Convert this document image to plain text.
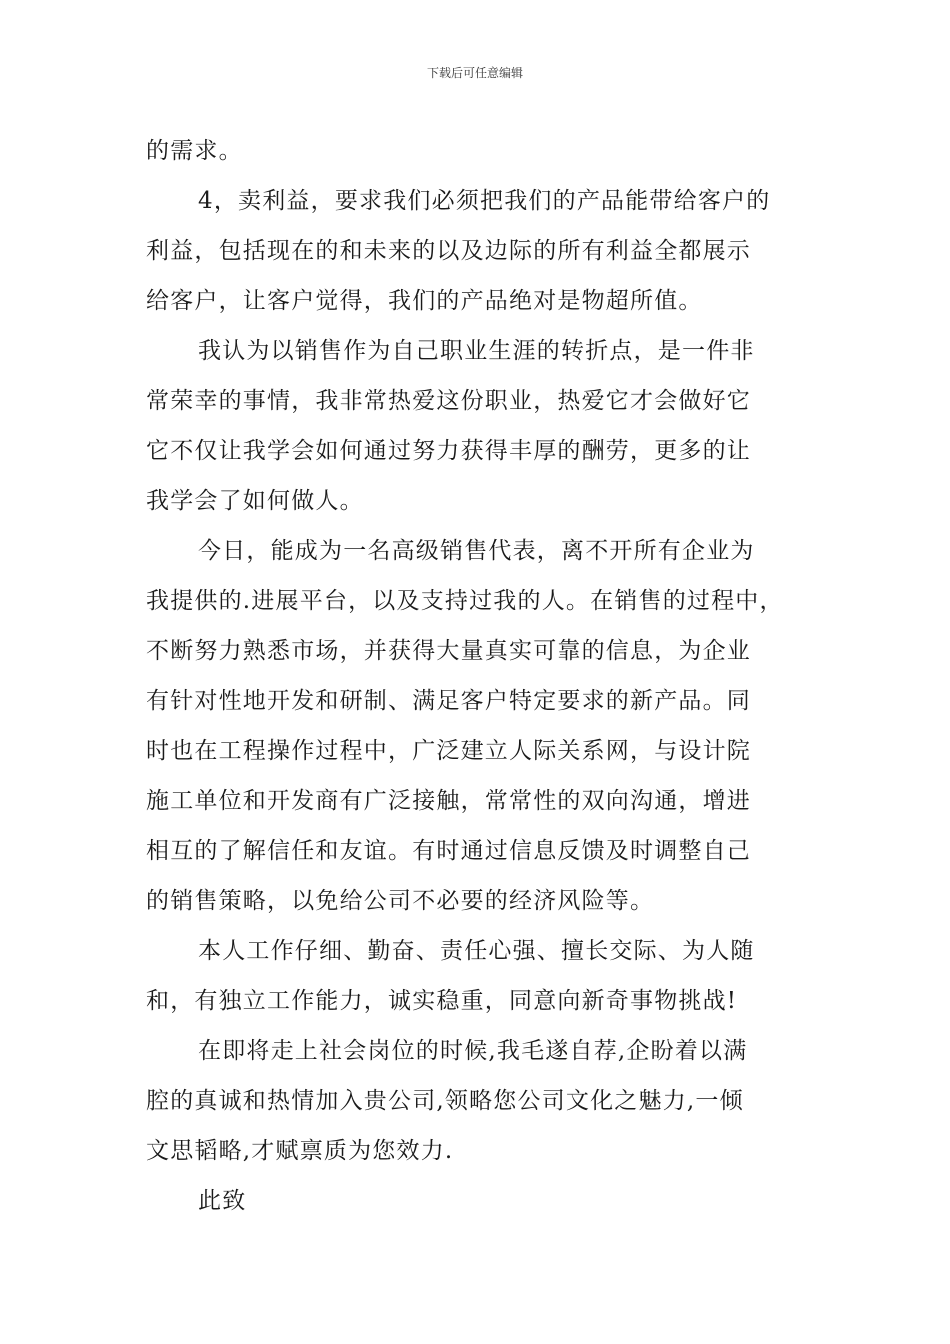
下载后可任意编辑
的需求。
4，卖利益，要求我们必须把我们的产品能带给客户的
利益，包括现在的和未来的以及边际的所有利益全都展示
给客户，让客户觉得，我们的产品绝对是物超所值。
我认为以销售作为自己职业生涯的转折点，是一件非
常荣幸的事情，我非常热爱这份职业，热爱它才会做好它
它不仅让我学会如何通过努力获得丰厚的酬劳，更多的让
我学会了如何做人。
今日，能成为一名高级销售代表，离不开所有企业为
我提供的.进展平台，以及支持过我的人。在销售的过程中，
不断努力熟悉市场，并获得大量真实可靠的信息，为企业
有针对性地开发和研制、满足客户特定要求的新产品。同
时也在工程操作过程中，广泛建立人际关系网，与设计院
施工单位和开发商有广泛接触，常常性的双向沟通，增进
相互的了解信任和友谊。有时通过信息反馈及时调整自己
的销售策略，以免给公司不必要的经济风险等。
本人工作仔细、勤奋、责任心强、擅长交际、为人随
和，有独立工作能力，诚实稳重，同意向新奇事物挑战!
在即将走上社会岗位的时候,我毛遂自荐,企盼着以满
腔的真诚和热情加入贵公司,领略您公司文化之魅力,一倾
文思韬略,才赋禀质为您效力.
此致
